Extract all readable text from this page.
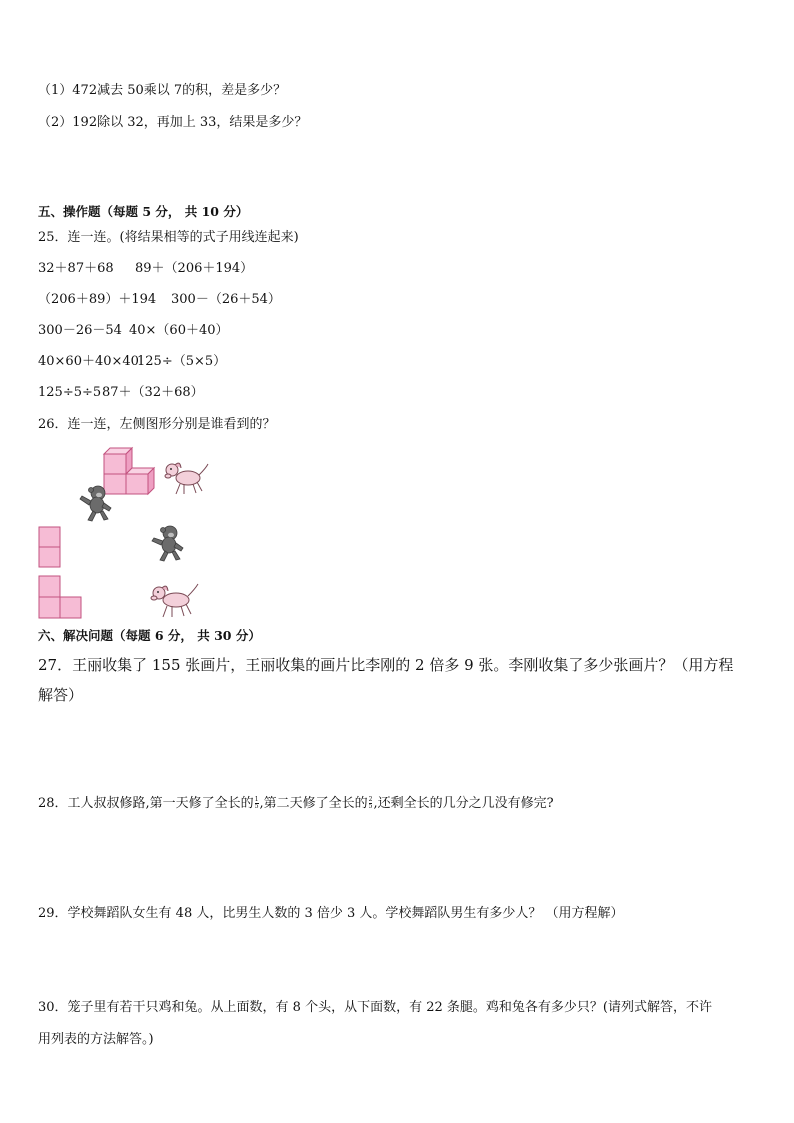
（1）472减去 50乘以 7的积，差是多少？
（2）192除以 32，再加上 33，结果是多少？
五、操作题（每题 5 分， 共 10 分）
25．连一连。(将结果相等的式子用线连起来)
32＋87＋68 89＋（206＋194）
（206＋89）＋194 300－（26＋54）
300－26－54 40×（60＋40）
40×60＋40×40
125÷（5×5）
125÷5÷5 87＋（32＋68）
26．连一连，左侧图形分别是谁看到的？
六、解决问题（每题 6 分， 共 30 分）
27．王丽收集了 155 张画片，王丽收集的画片比李刚的 2 倍多 9 张。李刚收集了多少张画片？（用方程
解答）
28．工人叔叔修路,第一天修了全长的 $\frac{1}{5}$ ,第二天修了全长的 $\frac{2}{5}$ ,还剩全长的几分之几没有修完?
29．学校舞蹈队女生有 48 人，比男生人数的 3 倍少 3 人。学校舞蹈队男生有多少人？ （用方程解）
30．笼子里有若干只鸡和兔。从上面数，有 8 个头，从下面数，有 22 条腿。鸡和兔各有多少只？(请列式解答，不许
用列表的方法解答。)
